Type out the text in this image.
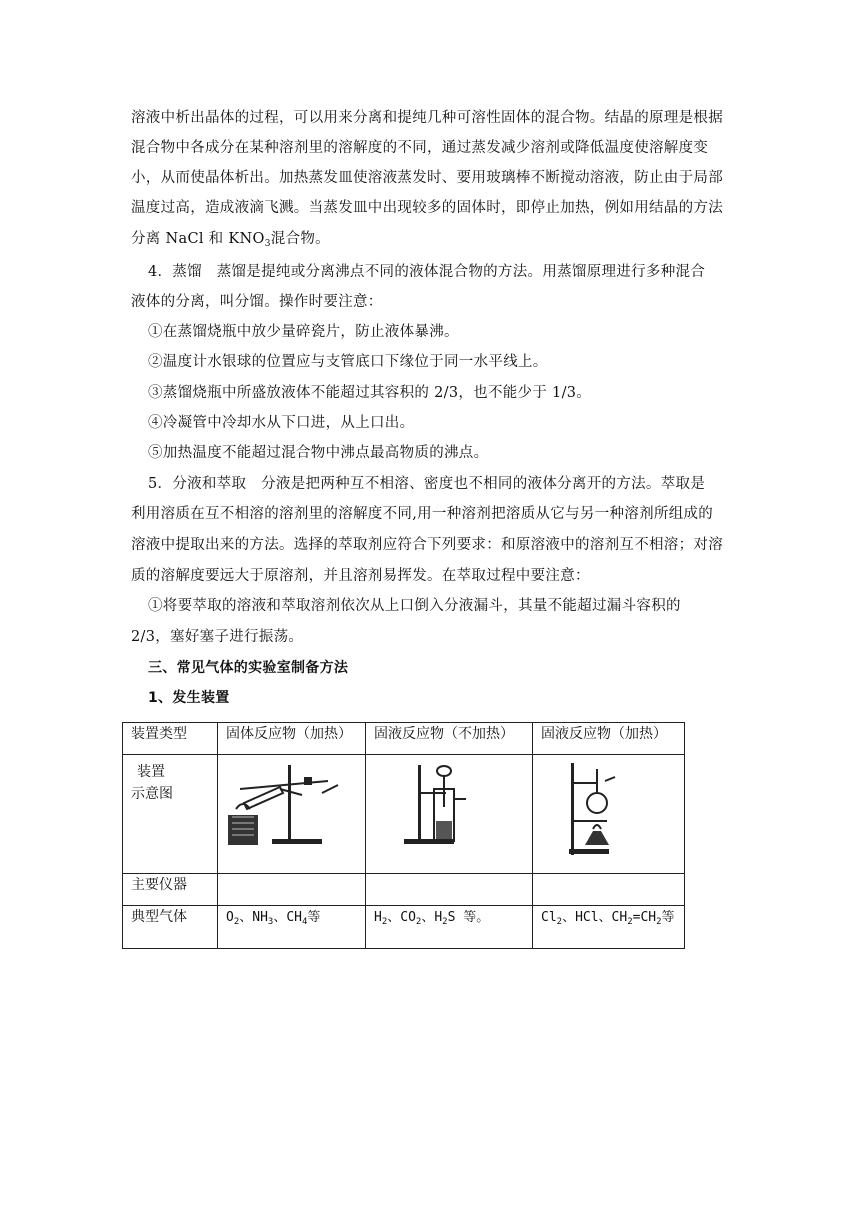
溶液中析出晶体的过程，可以用来分离和提纯几种可溶性固体的混合物。结晶的原理是根据
混合物中各成分在某种溶剂里的溶解度的不同，通过蒸发减少溶剂或降低温度使溶解度变
小，从而使晶体析出。加热蒸发皿使溶液蒸发时、要用玻璃棒不断搅动溶液，防止由于局部
温度过高，造成液滴飞溅。当蒸发皿中出现较多的固体时，即停止加热，例如用结晶的方法
分离 NaCl 和 $KNO_3$混合物。
4．蒸馏　蒸馏是提纯或分离沸点不同的液体混合物的方法。用蒸馏原理进行多种混合
液体的分离，叫分馏。操作时要注意：
①在蒸馏烧瓶中放少量碎瓷片，防止液体暴沸。
②温度计水银球的位置应与支管底口下缘位于同一水平线上。
③蒸馏烧瓶中所盛放液体不能超过其容积的 2/3，也不能少于 1/3。
④冷凝管中冷却水从下口进，从上口出。
⑤加热温度不能超过混合物中沸点最高物质的沸点。
5．分液和萃取　分液是把两种互不相溶、密度也不相同的液体分离开的方法。萃取是
利用溶质在互不相溶的溶剂里的溶解度不同,用一种溶剂把溶质从它与另一种溶剂所组成的
溶液中提取出来的方法。选择的萃取剂应符合下列要求：和原溶液中的溶剂互不相溶；对溶
质的溶解度要远大于原溶剂，并且溶剂易挥发。在萃取过程中要注意：
①将要萃取的溶液和萃取溶剂依次从上口倒入分液漏斗，其量不能超过漏斗容积的
2/3，塞好塞子进行振荡。
三、常见气体的实验室制备方法
1、发生装置
装置类型	固体反应物（加热）	固液反应物（不加热）	固液反应物（加热）

装置
示意图

主要仪器			
典型气体	$O_2$、$NH_3$、$CH_4$等	$H_2$、$CO_2$、$H_2S$ 等。	$Cl_2$、HCl、$CH_2=CH_2$等
